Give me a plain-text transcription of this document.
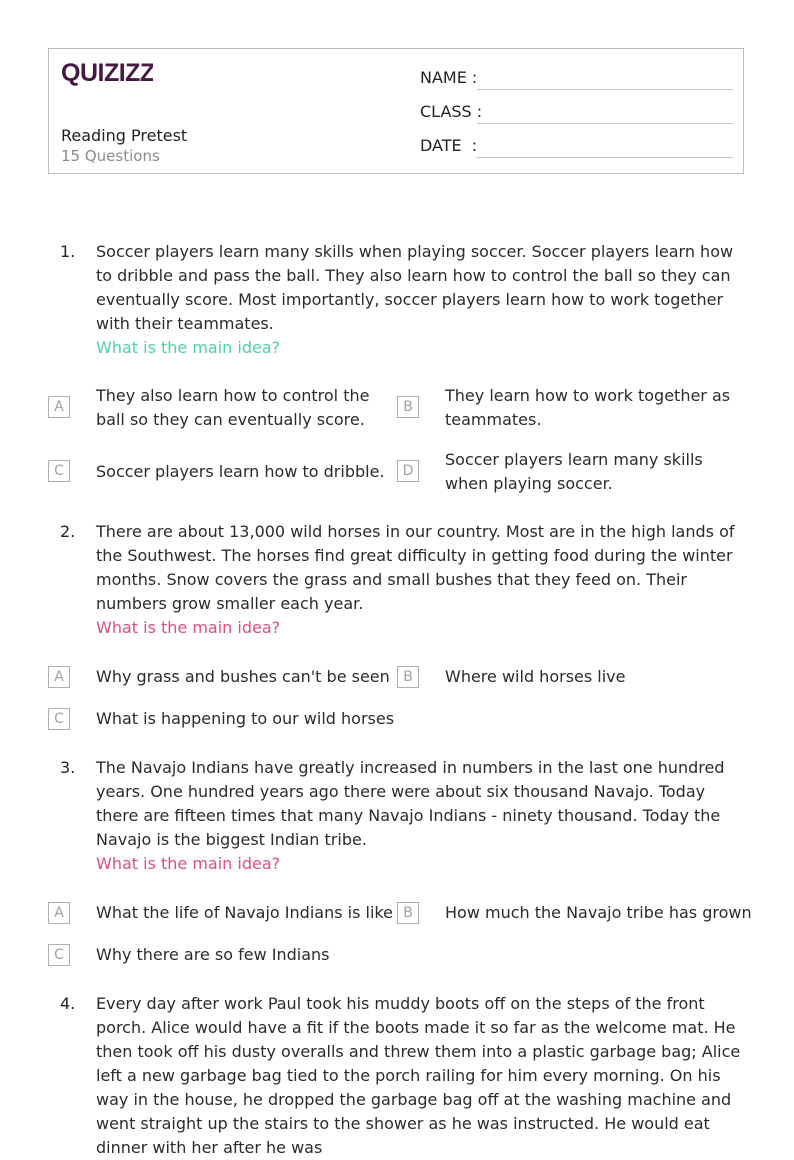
QUIZIZZ
Reading Pretest
15 Questions
NAME :
CLASS :
DATE  :
1. Soccer players learn many skills when playing soccer. Soccer players learn how to dribble and pass the ball. They also learn how to control the ball so they can eventually score. Most importantly, soccer players learn how to work together with their teammates.
What is the main idea?
A
They also learn how to control the ball so they can eventually score.
B
They learn how to work together as teammates.
C	Soccer players learn how to dribble.	D
Soccer players learn many skills when playing soccer.
2. There are about 13,000 wild horses in our country. Most are in the high lands of the Southwest. The horses find great difficulty in getting food during the winter months. Snow covers the grass and small bushes that they feed on. Their numbers grow smaller each year.
What is the main idea?
A	Why grass and bushes can't be seen B	Where wild horses live
C	What is happening to our wild horses
3. The Navajo Indians have greatly increased in numbers in the last one hundred years. One hundred years ago there were about six thousand Navajo. Today there are fifteen times that many Navajo Indians - ninety thousand. Today the Navajo is the biggest Indian tribe.
What is the main idea?
A	What the life of Navajo Indians is like B	How much the Navajo tribe has grown
C	Why there are so few Indians
4. Every day after work Paul took his muddy boots off on the steps of the front porch. Alice would have a fit if the boots made it so far as the welcome mat. He then took off his dusty overalls and threw them into a plastic garbage bag; Alice left a new garbage bag tied to the porch railing for him every morning. On his way in the house, he dropped the garbage bag off at the washing machine and went straight up the stairs to the shower as he was instructed. He would eat dinner with her after he was
